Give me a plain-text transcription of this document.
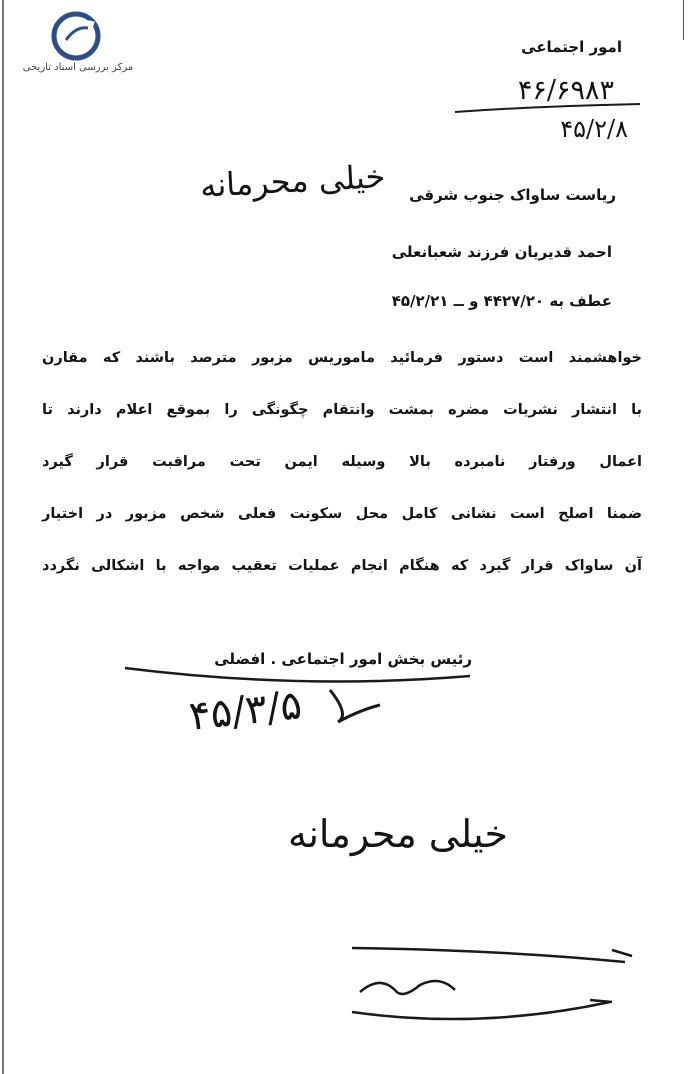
مرکز بررسی اسناد تاریخی
امور اجتماعی
۴۶/۶۹۸۳
۴۵/۲/۸
خیلی محرمانه ریاست ساواک جنوب شرقی
احمد قدیریان فرزند شعبانعلی
عطف به ۴۴۲۷/۲۰ و ــ ۴۵/۲/۲۱
خواهشمند است دستور فرمائید ماموریس مزبور مترصد باشند که مقارن
با انتشار نشریات مضره بمشت وانتقام چگونگی را بموقع اعلام دارند تا
اعمال ورفتار نامبرده بالا وسیله ایمن تحت مراقبت قرار گیرد
ضمنا اصلح است نشانی کامل محل سکونت فعلی شخص مزبور در اختیار
آن ساواک قرار گیرد که هنگام انجام عملیات تعقیب مواجه با اشکالی نگردد
رئیس بخش امور اجتماعی . افضلی
۴۵/۳/۵
خیلی محرمانه
